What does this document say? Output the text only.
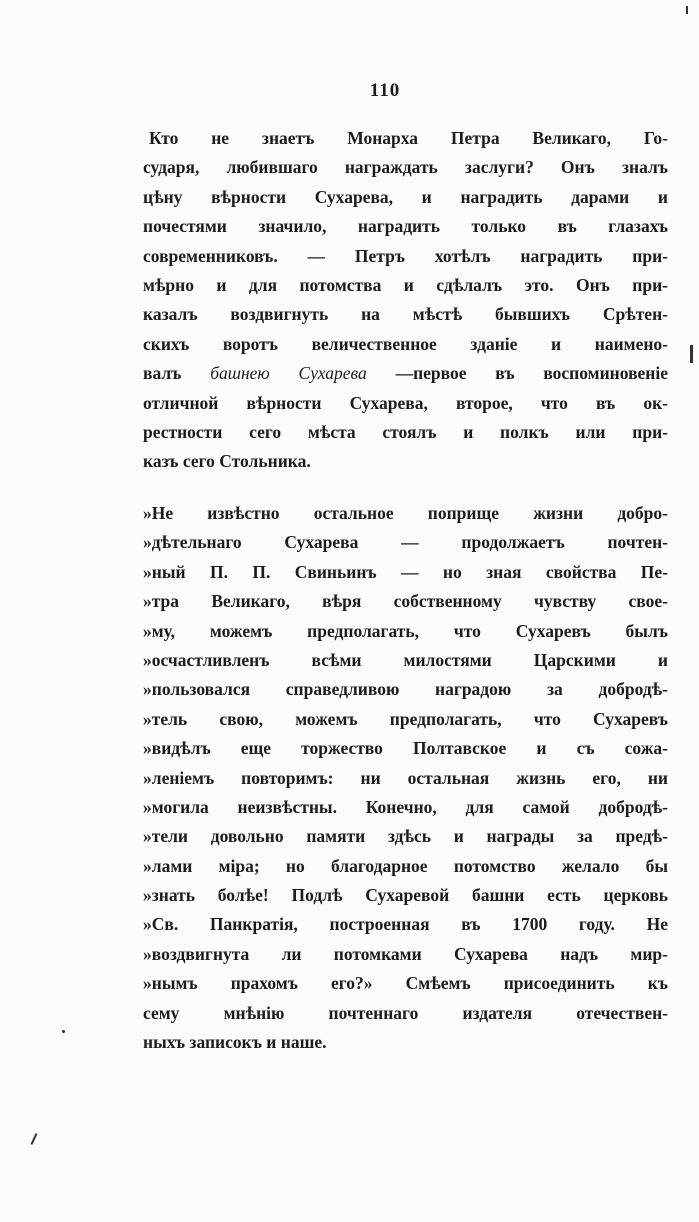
110
Кто не знаетъ Монарха Петра Великаго, Го-
сударя, любившаго награждать заслуги? Онъ зналъ
цѣну вѣрности Сухарева, и наградить дарами и
почестями значило, наградить только въ глазахъ
современниковъ. — Петръ хотѣлъ наградить при-
мѣрно и для потомства и сдѣлалъ это. Онъ при-
казалъ воздвигнуть на мѣстѣ бывшихъ Срѣтен-
скихъ воротъ величественное зданiе и наимено-
валъ башнею Сухарева —первое въ воспоминовенiе
отличной вѣрности Сухарева, второе, что въ ок-
рестности сего мѣста стоялъ и полкъ или при-
казъ сего Стольника.
»Не извѣстно остальное поприще жизни добро-
»дѣтельнаго Сухарева — продолжаетъ почтен-
»ный П. П. Свиньинъ — но зная свойства Пе-
»тра Великаго, вѣря собственному чувству свое-
»му, можемъ предполагать, что Сухаревъ былъ
»осчастливленъ всѣми милостями Царскими и
»пользовался справедливою наградою за добродѣ-
»тель свою, можемъ предполагать, что Сухаревъ
»видѣлъ еще торжество Полтавское и съ сожа-
»ленiемъ повторимъ: ни остальная жизнь его, ни
»могила неизвѣстны. Конечно, для самой добродѣ-
»тели довольно памяти здѣсь и награды за предѣ-
»лами мiра; но благодарное потомство желало бы
»знать болѣе! Подлѣ Сухаревой башни есть церковь
»Св. Панкратiя, построенная въ 1700 году. Не
»воздвигнута ли потомками Сухарева надъ мир-
»нымъ прахомъ его?» Смѣемъ присоединить къ
сему мнѣнiю почтеннаго издателя отечествен-
ныхъ записокъ и наше.
